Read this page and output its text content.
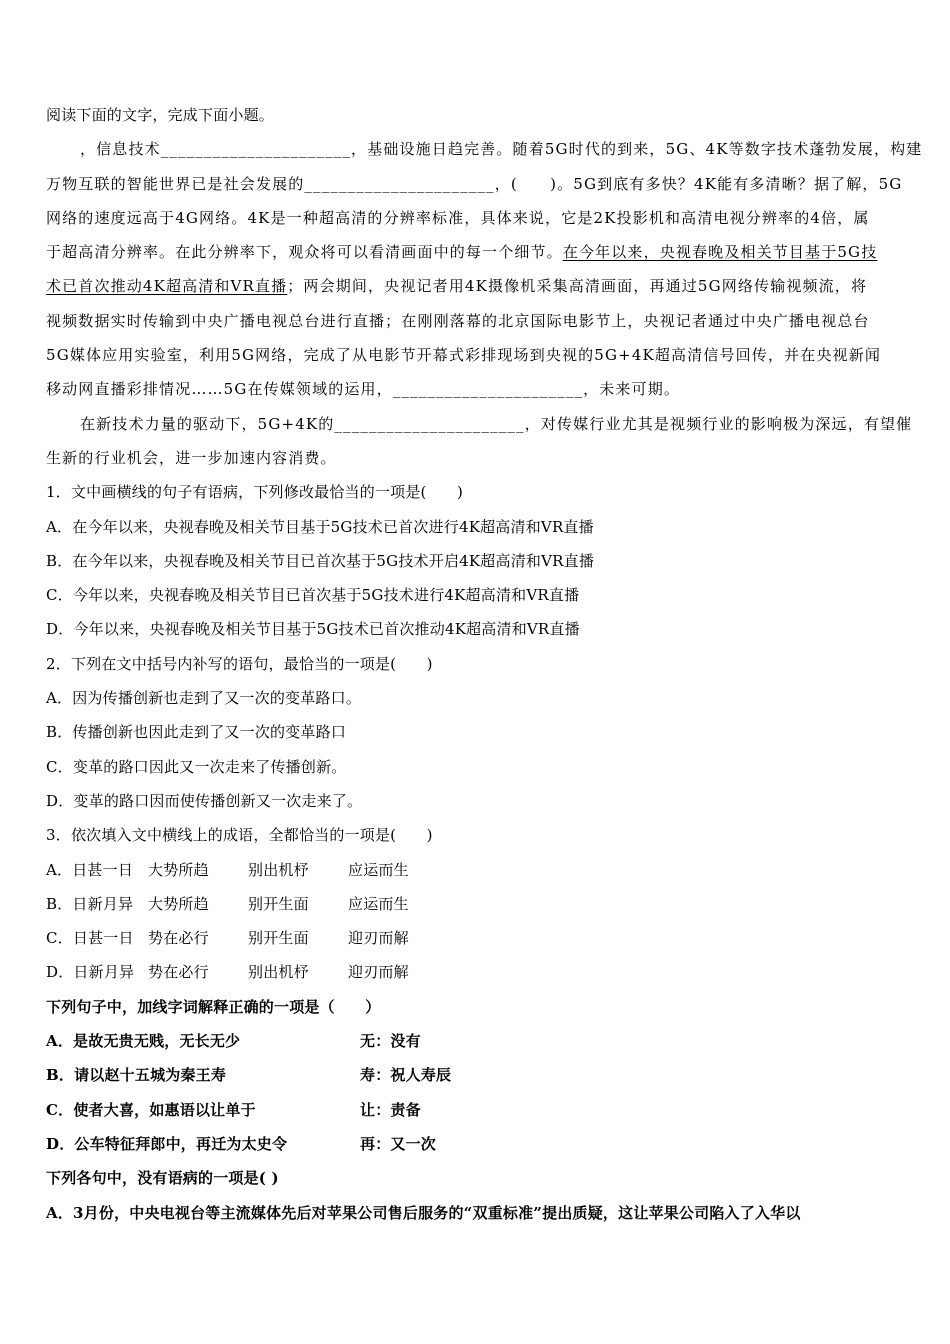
阅读下面的文字，完成下面小题。
，信息技术______________________，基础设施日趋完善。随着5G时代的到来，5G、4K等数字技术蓬勃发展，构建
万物互联的智能世界已是社会发展的______________________，(　　)。5G到底有多快？4K能有多清晰？据了解，5G
网络的速度远高于4G网络。4K是一种超高清的分辨率标准，具体来说，它是2K投影机和高清电视分辨率的4倍，属
于超高清分辨率。在此分辨率下，观众将可以看清画面中的每一个细节。在今年以来，央视春晚及相关节目基于5G技
术已首次推动4K超高清和VR直播；两会期间，央视记者用4K摄像机采集高清画面，再通过5G网络传输视频流，将
视频数据实时传输到中央广播电视总台进行直播；在刚刚落幕的北京国际电影节上，央视记者通过中央广播电视总台
5G媒体应用实验室，利用5G网络，完成了从电影节开幕式彩排现场到央视的5G+4K超高清信号回传，并在央视新闻
移动网直播彩排情况……5G在传媒领域的运用，______________________，未来可期。
在新技术力量的驱动下，5G+4K的______________________，对传媒行业尤其是视频行业的影响极为深远，有望催
生新的行业机会，进一步加速内容消费。
1．文中画横线的句子有语病，下列修改最恰当的一项是(　　)
A．在今年以来，央视春晚及相关节目基于5G技术已首次进行4K超高清和VR直播
B．在今年以来，央视春晚及相关节目已首次基于5G技术开启4K超高清和VR直播
C．今年以来，央视春晚及相关节目已首次基于5G技术进行4K超高清和VR直播
D．今年以来，央视春晚及相关节目基于5G技术已首次推动4K超高清和VR直播
2．下列在文中括号内补写的语句，最恰当的一项是(　　)
A．因为传播创新也走到了又一次的变革路口。
B．传播创新也因此走到了又一次的变革路口
C．变革的路口因此又一次走来了传播创新。
D．变革的路口因而使传播创新又一次走来了。
3．依次填入文中横线上的成语，全都恰当的一项是(　　)
A．日甚一日 大势所趋	别出机杼	应运而生
B．日新月异 大势所趋	别开生面	应运而生
C．日甚一日 势在必行	别开生面	迎刃而解
D．日新月异 势在必行	别出机杼	迎刃而解
下列句子中，加线字词解释正确的一项是（　　）
A．是故无贵无贱，无长无少	无：没有
B．请以赵十五城为秦王寿	寿：祝人寿辰
C．使者大喜，如惠语以让单于	让：责备
D．公车特征拜郎中，再迁为太史令	再：又一次
下列各句中，没有语病的一项是( )
A．3月份，中央电视台等主流媒体先后对苹果公司售后服务的“双重标准”提出质疑，这让苹果公司陷入了入华以
